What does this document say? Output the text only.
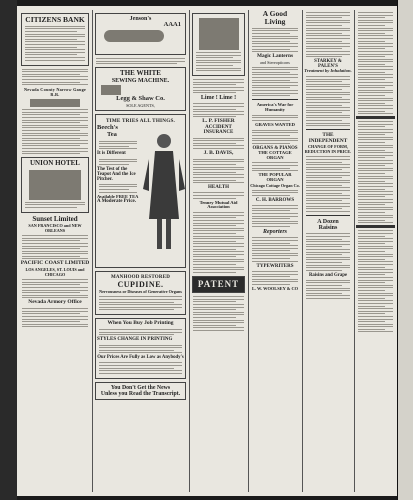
CITIZENS BANK

Nevada County Narrow Gauge R.R.

UNION HOTEL

Sunset Limited

SAN FRANCISCO and NEW ORLEANS

PACIFIC COAST LIMITED

LOS ANGELES, ST. LOUIS and CHICAGO

Nevada Armory Office

Jenson's

AAA1

THE WHITE

SEWING MACHINE.

Legg & Shaw Co.

SOLE AGENTS,

TIME TRIES ALL THINGS.

Beech's

Tea

It is Different

The Test of the Teapot And the Ice Pitcher.

Available FREE TEA

A Moderate Price.

MANHOOD RESTORED

CUPIDINE.

Nervousness or Diseases of Generative Organs

When You Buy Job Printing

STYLES CHANGE IN PRINTING

Our Prices Are Fully as Low as Anybody's

You Don't Get the News

Unless you Read the Transcript.

Lime ! Lime !

L. P. FISHER

ACCIDENT

INSURANCE

J. B. DAVIS,

HEALTH

Tenney Mutual Aid Association

PATENT

A Good

Living

Magic Lanterns

and Stereopticons

America's War for Humanity

GRAVES WANTED

ORGANS & PIANOS

THE COTTAGE ORGAN

THE POPULAR ORGAN

Chicago Cottage Organ Co.

C. H. BARROWS

Reporters

TYPEWRITERS

L. W. WOOLSEY & CO

STARKEY & PALEN'S

Treatment by Inhalation.

THE INDEPENDENT

CHANGE OF FORM, REDUCTION IN PRICE.

A Dozen

Raisins

Raisins and Grape
